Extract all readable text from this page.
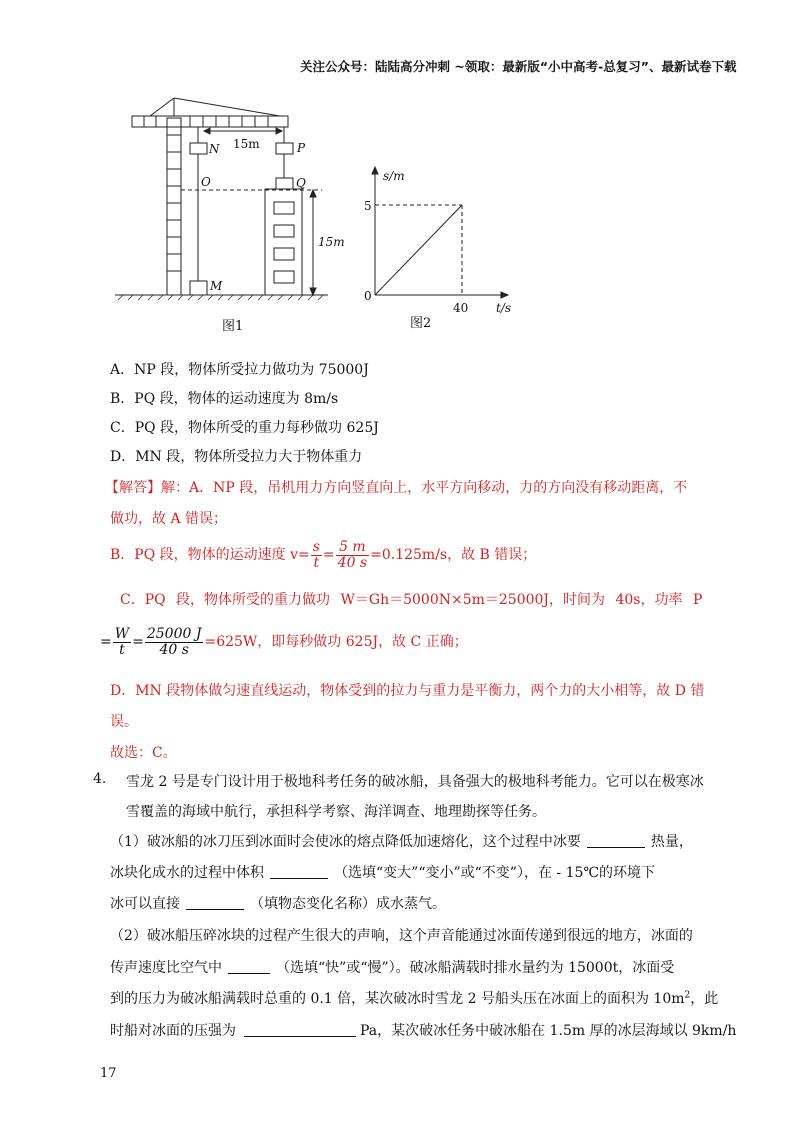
关注公众号：陆陆高分冲刺 ~领取：最新版“小中高考-总复习”、最新试卷下载
15m
15m
N	P
O	Q
M
图1
s/m
t/s
5
40
0
图2
A．NP 段，物体所受拉力做功为 75000J
B．PQ 段，物体的运动速度为 8m/s
C．PQ 段，物体所受的重力每秒做功 625J
D．MN 段，物体所受拉力大于物体重力
【解答】解：A．NP 段，吊机用力方向竖直向上，水平方向移动，力的方向没有移动距离，不
做功，故 A 错误；
B．PQ 段，物体的运动速度 $v= \frac{s}{t} = \frac{5 m}{40 s} =0.125m/s$，故 B 错误；
C．PQ 段，物体所受的重力做功 W＝Gh＝5000N×5m＝25000J，时间为 40s，功率 P
= $\frac{W}{t} = \frac{25000 J}{40 s} =625W$，即每秒做功 625J，故 C 正确；
D．MN 段物体做匀速直线运动，物体受到的拉力与重力是平衡力，两个力的大小相等，故 D 错
误。
故选：C。
4. 雪龙 2 号是专门设计用于极地科考任务的破冰船，具备强大的极地科考能力。它可以在极寒冰
雪覆盖的海域中航行，承担科学考察、海洋调查、地理勘探等任务。
（1）破冰船的冰刀压到冰面时会使冰的熔点降低加速熔化，这个过程中冰要	热量，
冰块化成水的过程中体积	（选填“变大”“变小”或“不变”），在 - 15℃的环境下
冰可以直接	（填物态变化名称）成水蒸气。
（2）破冰船压碎冰块的过程产生很大的声响，这个声音能通过冰面传递到很远的地方，冰面的
传声速度比空气中	（选填“快”或“慢”）。破冰船满载时排水量约为 15000t，冰面受
到的压力为破冰船满载时总重的 0.1 倍，某次破冰时雪龙 2 号船头压在冰面上的面积为 $10m^2$，此
时船对冰面的压强为	Pa，某次破冰任务中破冰船在 1.5m 厚的冰层海域以 9km/h
17
